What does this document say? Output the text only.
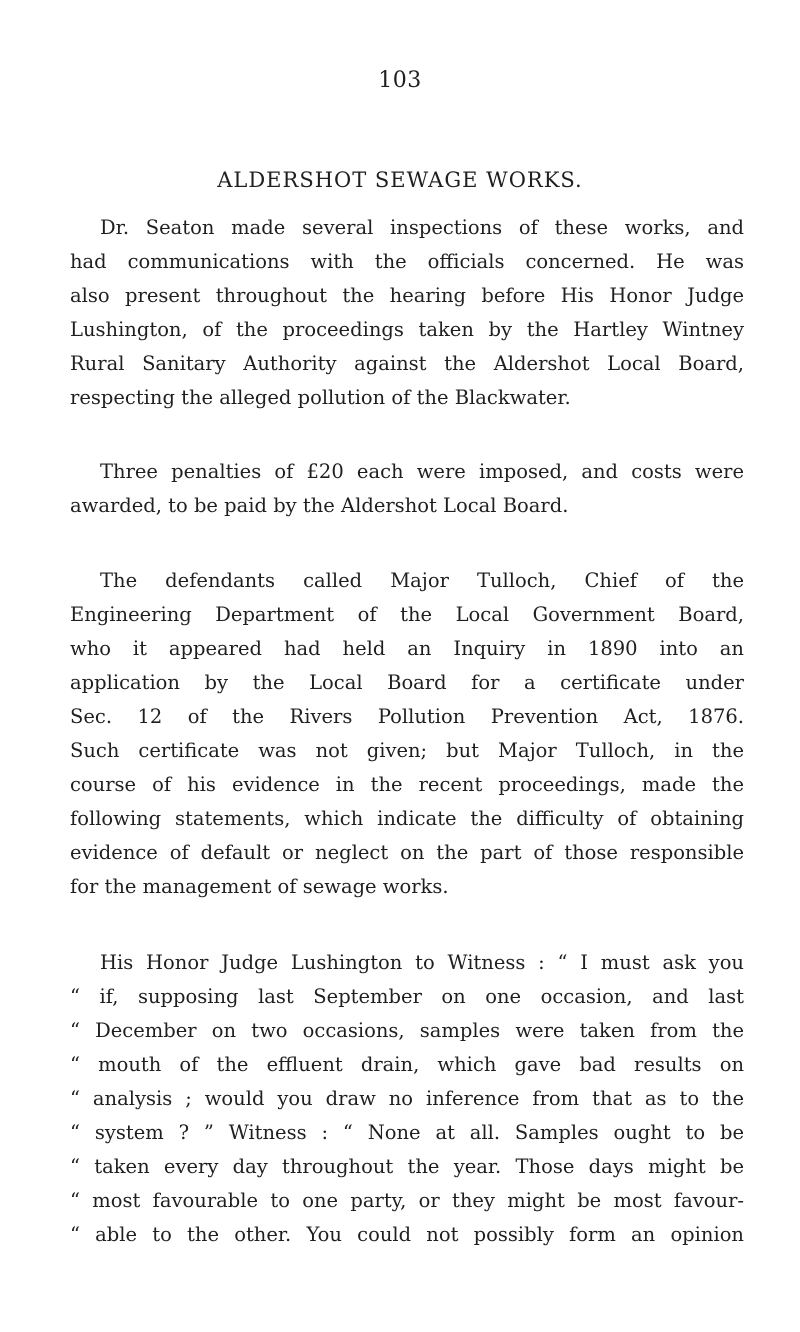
103
ALDERSHOT SEWAGE WORKS.
Dr. Seaton made several inspections of these works, and
had communications with the officials concerned. He was
also present throughout the hearing before His Honor Judge
Lushington, of the proceedings taken by the Hartley Wintney
Rural Sanitary Authority against the Aldershot Local Board,
respecting the alleged pollution of the Blackwater.
Three penalties of £20 each were imposed, and costs were
awarded, to be paid by the Aldershot Local Board.
The defendants called Major Tulloch, Chief of the
Engineering Department of the Local Government Board,
who it appeared had held an Inquiry in 1890 into an
application by the Local Board for a certificate under
Sec. 12 of the Rivers Pollution Prevention Act, 1876.
Such certificate was not given; but Major Tulloch, in the
course of his evidence in the recent proceedings, made the
following statements, which indicate the difficulty of obtaining
evidence of default or neglect on the part of those responsible
for the management of sewage works.
His Honor Judge Lushington to Witness : “ I must ask you
“ if, supposing last September on one occasion, and last
“ December on two occasions, samples were taken from the
“ mouth of the effluent drain, which gave bad results on
“ analysis ; would you draw no inference from that as to the
“ system ? ” Witness : “ None at all. Samples ought to be
“ taken every day throughout the year. Those days might be
“ most favourable to one party, or they might be most favour-
“ able to the other. You could not possibly form an opinion
